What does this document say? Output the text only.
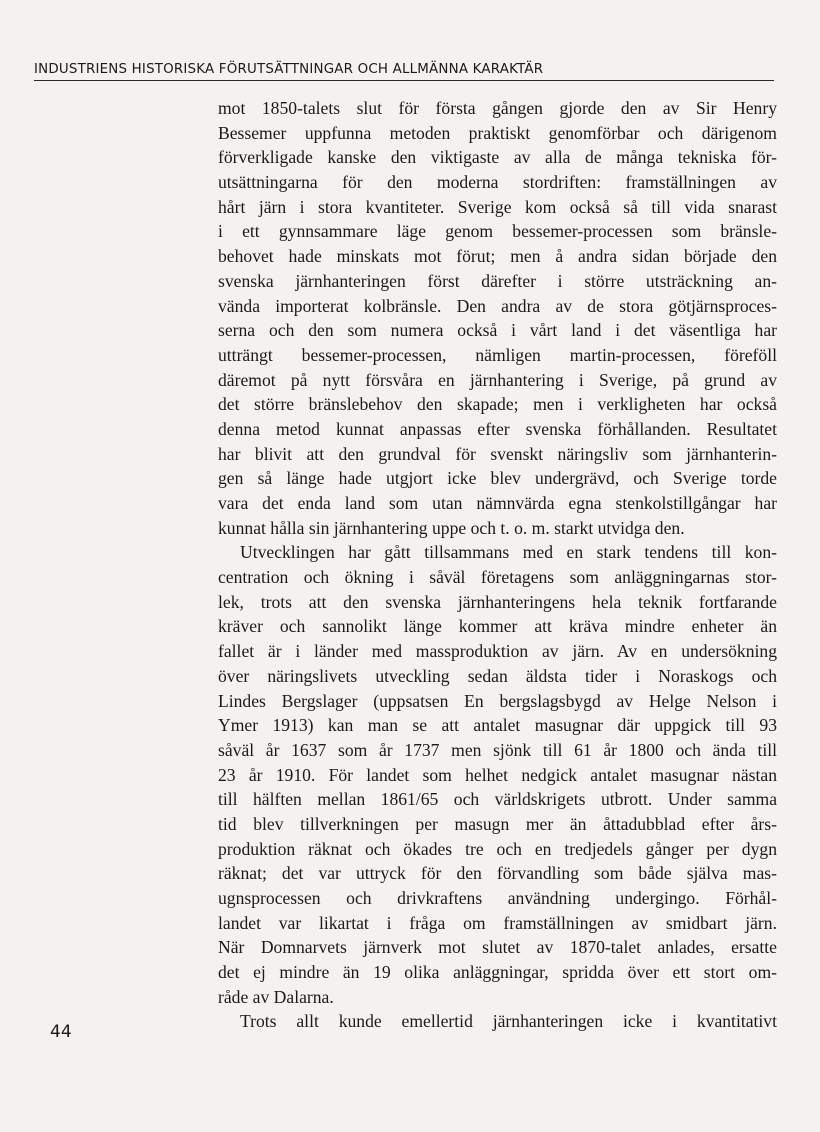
INDUSTRIENS HISTORISKA FÖRUTSÄTTNINGAR OCH ALLMÄNNA KARAKTÄR
mot 1850-talets slut för första gången gjorde den av Sir Henry
Bessemer uppfunna metoden praktiskt genomförbar och därigenom
förverkligade kanske den viktigaste av alla de många tekniska för-
utsättningarna för den moderna stordriften: framställningen av
hårt järn i stora kvantiteter. Sverige kom också så till vida snarast
i ett gynnsammare läge genom bessemer-processen som bränsle-
behovet hade minskats mot förut; men å andra sidan började den
svenska järnhanteringen först därefter i större utsträckning an-
vända importerat kolbränsle. Den andra av de stora götjärnsproces-
serna och den som numera också i vårt land i det väsentliga har
utträngt bessemer-processen, nämligen martin-processen, föreföll
däremot på nytt försvåra en järnhantering i Sverige, på grund av
det större bränslebehov den skapade; men i verkligheten har också
denna metod kunnat anpassas efter svenska förhållanden. Resultatet
har blivit att den grundval för svenskt näringsliv som järnhanterin-
gen så länge hade utgjort icke blev undergrävd, och Sverige torde
vara det enda land som utan nämnvärda egna stenkolstillgångar har
kunnat hålla sin järnhantering uppe och t. o. m. starkt utvidga den.
Utvecklingen har gått tillsammans med en stark tendens till kon-
centration och ökning i såväl företagens som anläggningarnas stor-
lek, trots att den svenska järnhanteringens hela teknik fortfarande
kräver och sannolikt länge kommer att kräva mindre enheter än
fallet är i länder med massproduktion av järn. Av en undersökning
över näringslivets utveckling sedan äldsta tider i Noraskogs och
Lindes Bergslager (uppsatsen En bergslagsbygd av Helge Nelson i
Ymer 1913) kan man se att antalet masugnar där uppgick till 93
såväl år 1637 som år 1737 men sjönk till 61 år 1800 och ända till
23 år 1910. För landet som helhet nedgick antalet masugnar nästan
till hälften mellan 1861/65 och världskrigets utbrott. Under samma
tid blev tillverkningen per masugn mer än åttadubblad efter års-
produktion räknat och ökades tre och en tredjedels gånger per dygn
räknat; det var uttryck för den förvandling som både själva mas-
ugnsprocessen och drivkraftens användning undergingo. Förhål-
landet var likartat i fråga om framställningen av smidbart järn.
När Domnarvets järnverk mot slutet av 1870-talet anlades, ersatte
det ej mindre än 19 olika anläggningar, spridda över ett stort om-
råde av Dalarna.
Trots allt kunde emellertid järnhanteringen icke i kvantitativt
44
